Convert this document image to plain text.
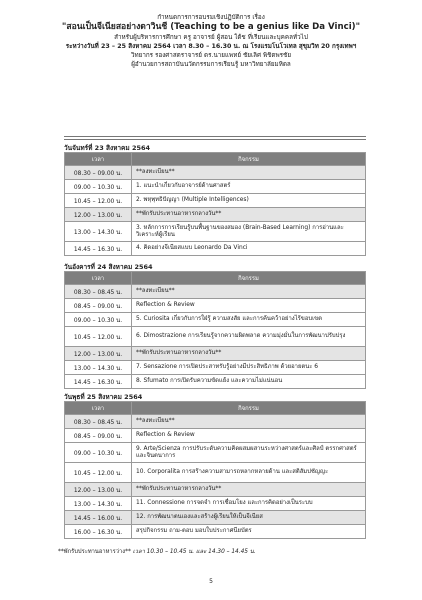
กำหนดการการอบรมเชิงปฏิบัติการ เรื่อง
"สอนเป็นจีเนียสอย่างดาวินชี (Teaching to be a genius like Da Vinci)"
สำหรับผู้บริหารการศึกษา ครู อาจารย์ ผู้สอน ใต้ช ที่เรียนและบุคคลทั่วไป
ระหว่างวันที่ 23 – 25 สิงหาคม 2564 เวลา 8.30 – 16.30 น. ณ โรงแรมโนโวเทล สุขุมวิท 20 กรุงเทพฯ
วิทยากร รองศาสตราจารย์ ดร.นายแพทย์ ชัยเลิศ พิชิตพรชัย
ผู้อำนวยการสถาบันนวัตกรรมการเรียนรู้ มหาวิทยาลัยมหิดล
วันจันทร์ที่ 23 สิงหาคม 2564
เวลา	กิจกรรม
08.30 – 09.00 น.	**ลงทะเบียน**
09.00 – 10.30 น.	1. แนะนำเกี่ยวกับอาจารย์ด้านศาสตร์
10.45 – 12.00 น.	2. พหุพุทธิปัญญา (Multiple Intelligences)
12.00 – 13.00 น.	**พักรับประทานอาหารกลางวัน**
13.00 – 14.30 น.	3. หลักการการเรียนรู้บนพื้นฐานของสมอง (Brain-Based Learning) การอ่านและวิเคราะห์ผู้เรียน
14.45 – 16.30 น.	4. คิดอย่างจีเนียสแบบ Leonardo Da Vinci
วันอังคารที่ 24 สิงหาคม 2564
เวลา	กิจกรรม
08.30 – 08.45 น.	**ลงทะเบียน**
08.45 – 09.00 น.	Reflection & Review
09.00 – 10.30 น.	5. Curiosita เกี่ยวกับการใฝ่รู้ ความสงสัย และการค้นคว้าอย่างไร้ขอบเขต
10.45 – 12.00 น.	6. Dimostrazione การเรียนรู้จากความผิดพลาด ความมุ่งมั่นในการพัฒนาปรับปรุง
12.00 – 13.00 น.	**พักรับประทานอาหารกลางวัน**
13.00 – 14.30 น.	7. Sensazione การเปิดประสาทรับรู้อย่างมีประสิทธิภาพ ด้วยอายตนะ 6
14.45 – 16.30 น.	8. Sfumato การเปิดรับความขัดแย้ง และความไม่แน่นอน
วันพุธที่ 25 สิงหาคม 2564
เวลา	กิจกรรม
08.30 – 08.45 น.	**ลงทะเบียน**
08.45 – 09.00 น.	Reflection & Review
09.00 – 10.30 น.	9. Arte/Scienza การปรับระดับความคิดผสมผสานระหว่างศาสตร์และศิลป์ ตรรกศาสตร์ และจินตนาการ
10.45 – 12.00 น.	10. Corporalita การสร้างความสามารถหลากหลายด้าน และสติสัมปชัญญะ
12.00 – 13.00 น.	**พักรับประทานอาหารกลางวัน**
13.00 – 14.30 น.	11. Connessione การจดจำ การเชื่อมโยง และการคิดอย่างเป็นระบบ
14.45 – 16.00 น.	12. การพัฒนาตนเองและสร้างผู้เรียนให้เป็นจีเนียส
16.00 – 16.30 น.	สรุปกิจกรรม ถาม-ตอบ มอบใบประกาศนียบัตร
**พักรับประทานอาหารว่าง** เวลา 10.30 – 10.45 น. และ 14.30 – 14.45 น.
5
